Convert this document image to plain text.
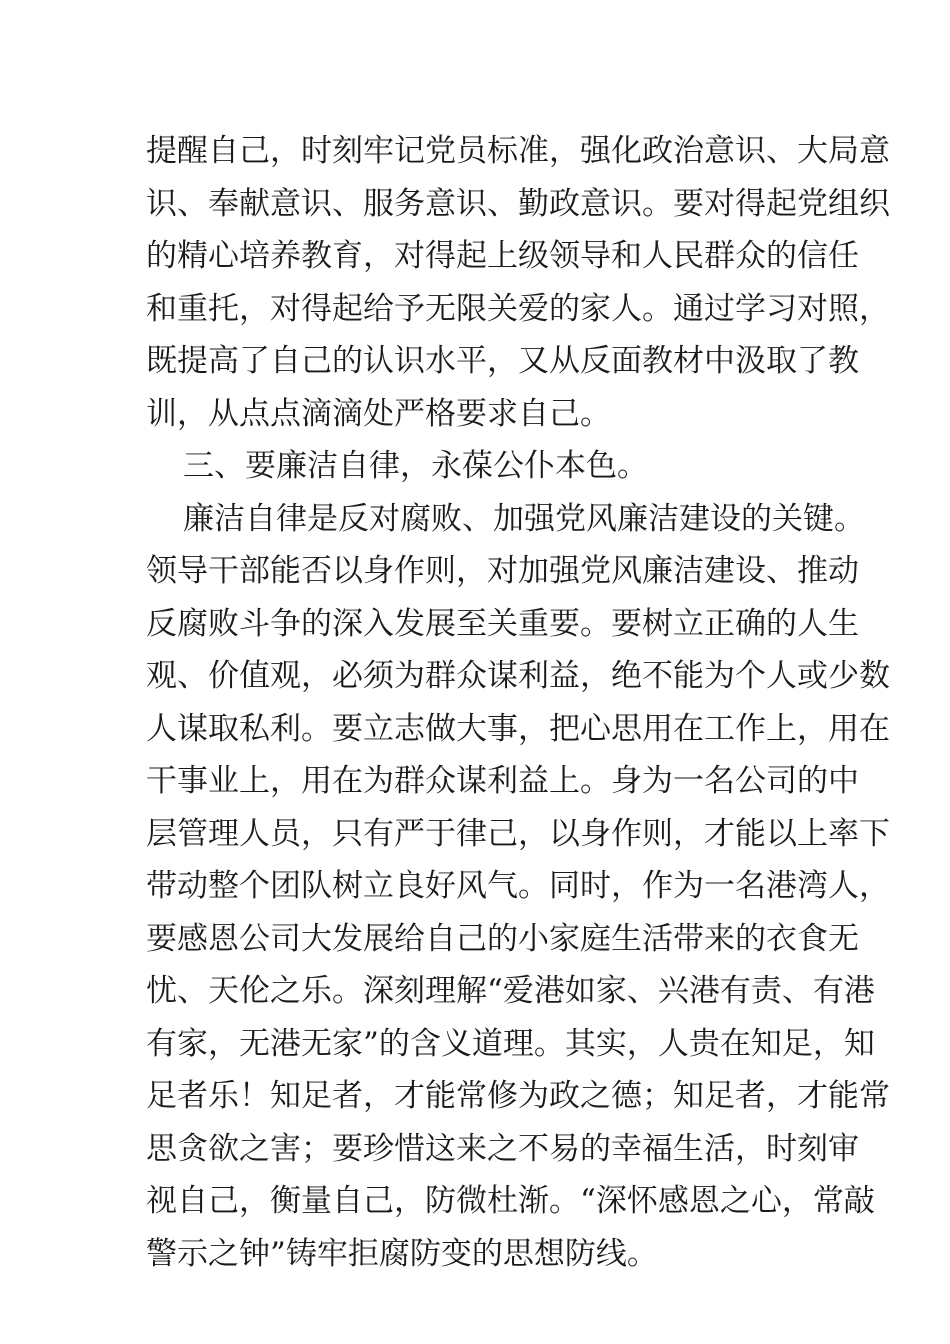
提醒自己，时刻牢记党员标准，强化政治意识、大局意
识、奉献意识、服务意识、勤政意识。要对得起党组织
的精心培养教育，对得起上级领导和人民群众的信任
和重托，对得起给予无限关爱的家人。通过学习对照，
既提高了自己的认识水平，又从反面教材中汲取了教
训，从点点滴滴处严格要求自己。
三、要廉洁自律，永葆公仆本色。
廉洁自律是反对腐败、加强党风廉洁建设的关键。
领导干部能否以身作则，对加强党风廉洁建设、推动
反腐败斗争的深入发展至关重要。要树立正确的人生
观、价值观，必须为群众谋利益，绝不能为个人或少数
人谋取私利。要立志做大事，把心思用在工作上，用在
干事业上，用在为群众谋利益上。身为一名公司的中
层管理人员，只有严于律己，以身作则，才能以上率下
带动整个团队树立良好风气。同时，作为一名港湾人，
要感恩公司大发展给自己的小家庭生活带来的衣食无
忧、天伦之乐。深刻理解“爱港如家、兴港有责、有港
有家，无港无家”的含义道理。其实，人贵在知足，知
足者乐！知足者，才能常修为政之德；知足者，才能常
思贪欲之害；要珍惜这来之不易的幸福生活，时刻审
视自己，衡量自己，防微杜渐。“深怀感恩之心，常敲
警示之钟”铸牢拒腐防变的思想防线。
